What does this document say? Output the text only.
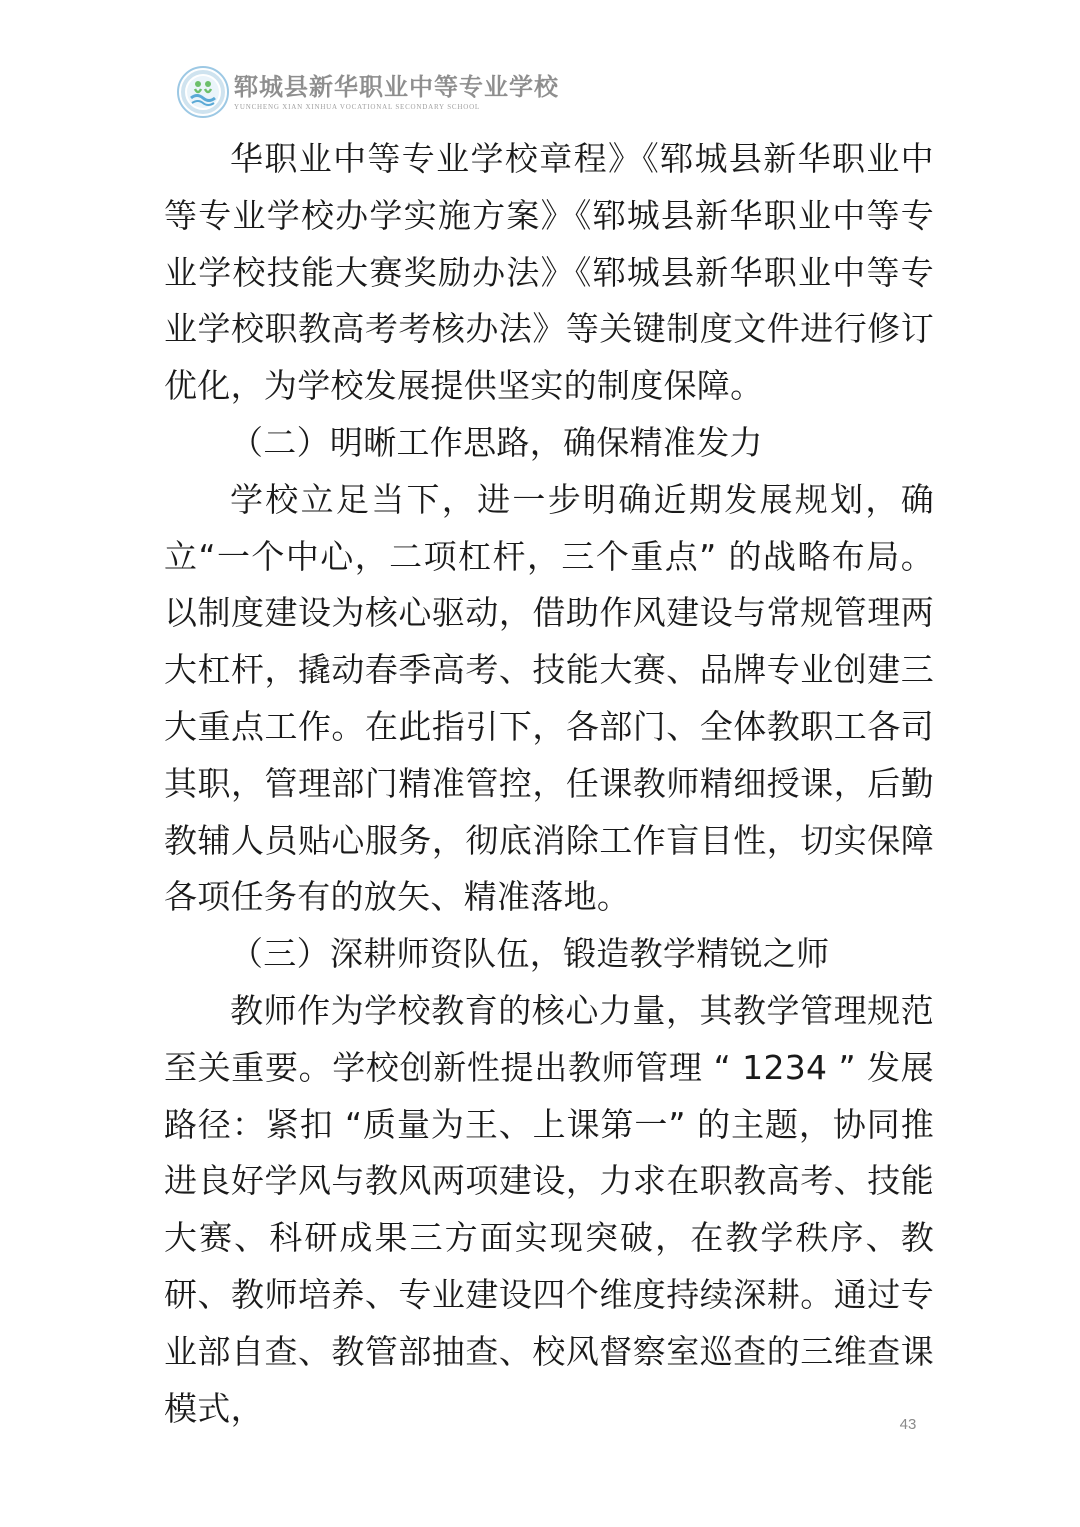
郓城县新华职业中等专业学校
YUNCHENG XIAN XINHUA VOCATIONAL SECONDARY SCHOOL

华职业中等专业学校章程》《郓城县新华职业中等专业学校办学实施方案》《郓城县新华职业中等专业学校技能大赛奖励办法》《郓城县新华职业中等专业学校职教高考考核办法》等关键制度文件进行修订优化，为学校发展提供坚实的制度保障。

（二）明晰工作思路，确保精准发力

学校立足当下，进一步明确近期发展规划，确立“一个中心，二项杠杆，三个重点” 的战略布局。以制度建设为核心驱动，借助作风建设与常规管理两大杠杆，撬动春季高考、技能大赛、品牌专业创建三大重点工作。在此指引下，各部门、全体教职工各司其职，管理部门精准管控，任课教师精细授课，后勤教辅人员贴心服务，彻底消除工作盲目性，切实保障各项任务有的放矢、精准落地。

（三）深耕师资队伍，锻造教学精锐之师

教师作为学校教育的核心力量，其教学管理规范至关重要。学校创新性提出教师管理 “ 1234 ” 发展路径：紧扣 “质量为王、上课第一” 的主题，协同推进良好学风与教风两项建设，力求在职教高考、技能大赛、科研成果三方面实现突破，在教学秩序、教研、教师培养、专业建设四个维度持续深耕。通过专业部自查、教管部抽查、校风督察室巡查的三维查课模式，	43
